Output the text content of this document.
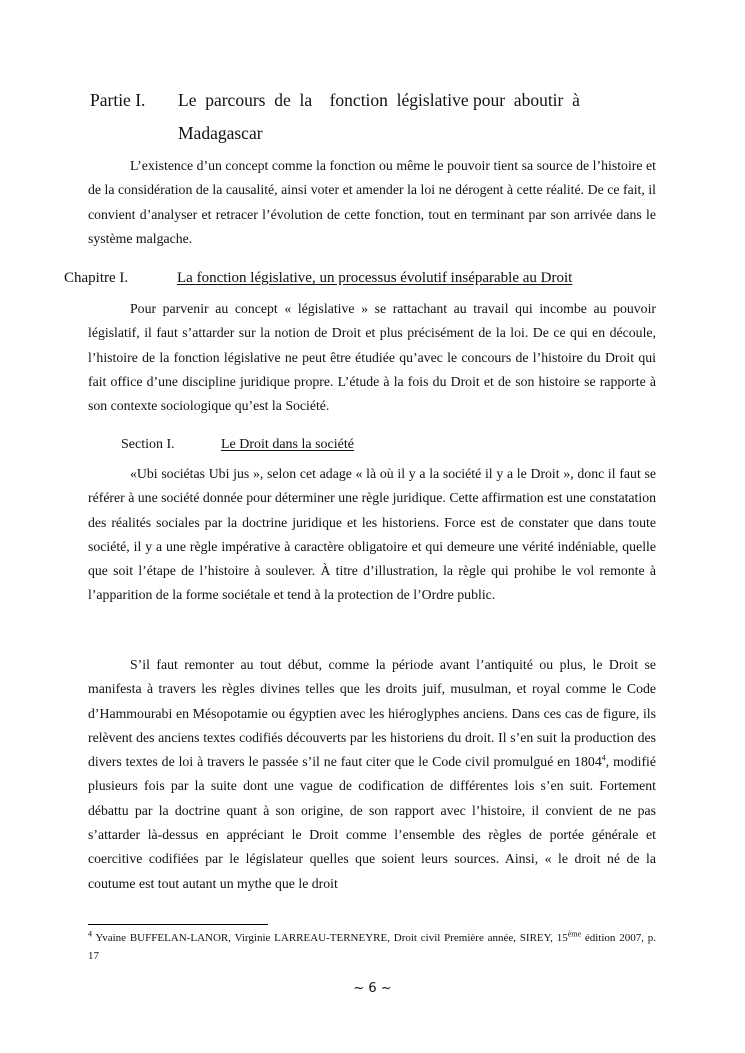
Partie I. Le  parcours  de  la    fonction  législative pour  aboutir  à
Madagascar
L’existence d’un concept comme la fonction ou même le pouvoir tient sa source de l’histoire et de la considération de la causalité, ainsi voter et amender la loi ne dérogent à cette réalité. De ce fait, il convient d’analyser et retracer l’évolution de cette fonction, tout en terminant par son arrivée dans le système malgache.
Chapitre I.	La fonction législative, un processus évolutif inséparable au Droit
Pour parvenir au concept « législative » se rattachant au travail qui incombe au pouvoir législatif, il faut s’attarder sur la notion de Droit et plus précisément de la loi. De ce qui en découle, l’histoire de la fonction législative ne peut être étudiée qu’avec le concours de l’histoire du Droit qui fait office d’une discipline juridique propre. L’étude à la fois du Droit et de son histoire se rapporte à son contexte sociologique qu’est la Société.
Section I.	Le Droit dans la société
«Ubi sociétas Ubi jus », selon cet adage « là où il y a la société il y a le Droit », donc il faut se référer à une société donnée pour déterminer une règle juridique. Cette affirmation est une constatation des réalités sociales par la doctrine juridique et les historiens. Force est de constater que dans toute société, il y a une règle impérative à caractère obligatoire et qui demeure une vérité indéniable, quelle que soit l’étape de l’histoire à soulever. À titre d’illustration, la règle qui prohibe le vol remonte à l’apparition de la forme sociétale et tend à la protection de l’Ordre public.
S’il faut remonter au tout début, comme la période avant l’antiquité ou plus, le Droit se manifesta à travers les règles divines telles que les droits juif, musulman, et royal comme le Code d’Hammourabi en Mésopotamie ou égyptien avec les hiéroglyphes anciens. Dans ces cas de figure, ils relèvent des anciens textes codifiés découverts par les historiens du droit. Il s’en suit la production des divers textes de loi à travers le passée s’il ne faut citer que le Code civil promulgué en 1804$^4$, modifié plusieurs fois par la suite dont une vague de codification de différentes lois s’en suit. Fortement débattu par la doctrine quant à son origine, de son rapport avec l’histoire, il convient de ne pas s’attarder là-dessus en appréciant le Droit comme l’ensemble des règles de portée générale et coercitive codifiées par le législateur quelles que soient leurs sources. Ainsi, « le droit né de la coutume est tout autant un mythe que le droit
$^4$ Yvaine BUFFELAN-LANOR, Virginie LARREAU-TERNEYRE, Droit civil Première année, SIREY, 15ème édition 2007, p. 17
~ 6 ~
